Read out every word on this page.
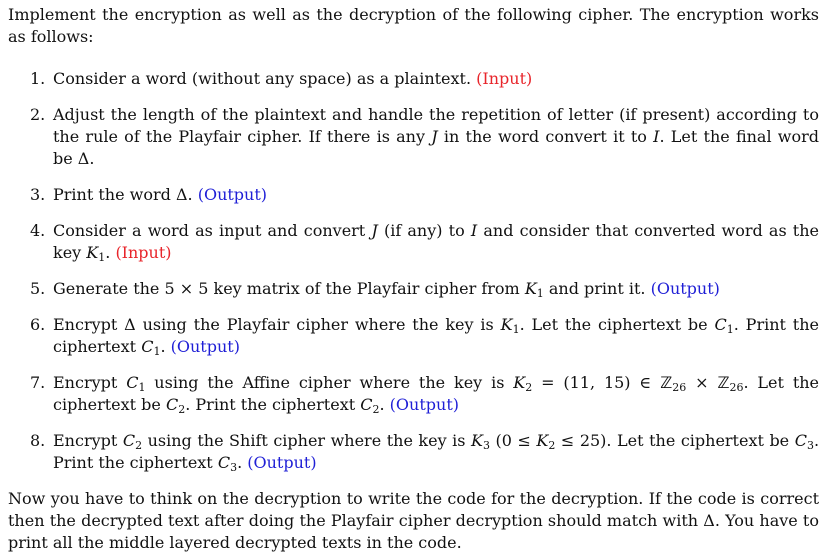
Implement the encryption as well as the decryption of the following cipher. The encryption works as follows:

1. Consider a word (without any space) as a plaintext. (Input)
2. Adjust the length of the plaintext and handle the repetition of letter (if present) according to the rule of the Playfair cipher. If there is any J in the word convert it to I. Let the final word be Δ.
3. Print the word Δ. (Output)
4. Consider a word as input and convert J (if any) to I and consider that converted word as the key $K_1$. (Input)
5. Generate the 5 × 5 key matrix of the Playfair cipher from $K_1$ and print it. (Output)
6. Encrypt Δ using the Playfair cipher where the key is $K_1$. Let the ciphertext be $C_1$. Print the ciphertext $C_1$. (Output)
7. Encrypt $C_1$ using the Affine cipher where the key is $K_2 = (11$, 15) ∈ ℤ$_{26}$ × ℤ$_{26}$. Let the ciphertext be $C_2$. Print the ciphertext $C_2$. (Output)
8. Encrypt $C_2$ using the Shift cipher where the key is $K_3$ $(0 \le K_2 \le 25)$. Let the ciphertext be $C_3$. Print the ciphertext $C_3$. (Output)

Now you have to think on the decryption to write the code for the decryption. If the code is correct then the decrypted text after doing the Playfair cipher decryption should match with Δ. You have to print all the middle layered decrypted texts in the code.
